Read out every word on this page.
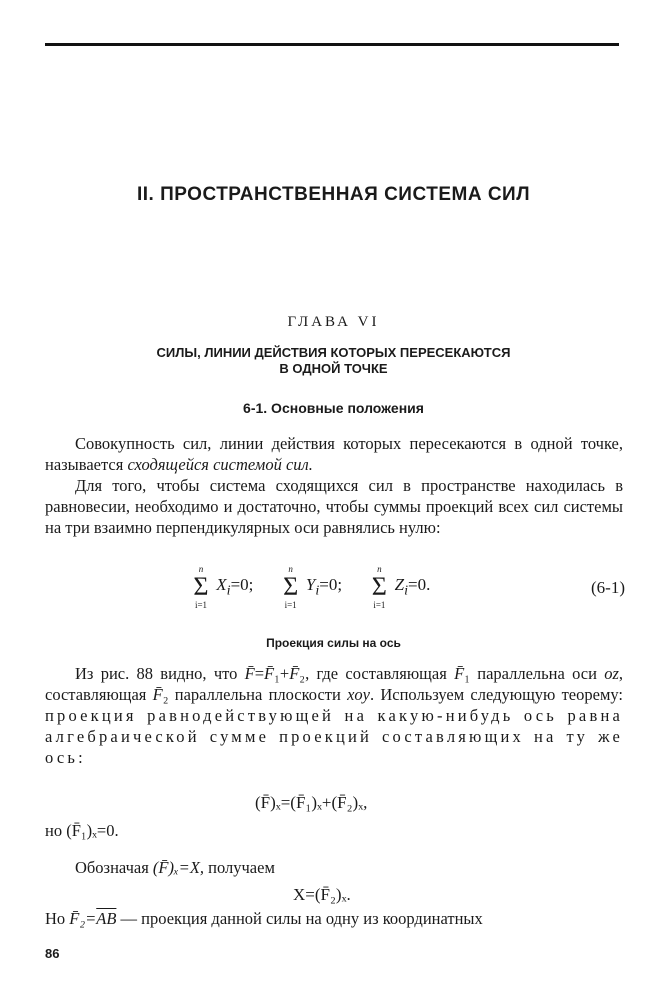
II. ПРОСТРАНСТВЕННАЯ СИСТЕМА СИЛ
ГЛАВА VI
СИЛЫ, ЛИНИИ ДЕЙСТВИЯ КОТОРЫХ ПЕРЕСЕКАЮТСЯ
В ОДНОЙ ТОЧКЕ
6-1. Основные положения

Совокупность сил, линии действия которых пересекаются в одной точке, называется сходящейся системой сил.

Для того, чтобы система сходящихся сил в пространстве находилась в равновесии, необходимо и достаточно, чтобы суммы проекций всех сил системы на три взаимно перпендикулярных оси равнялись нулю:

n
Σ
i=1
$X_i=0$;
n
Σ
i=1
$Y_i=0$;
n
Σ
i=1
$Z_i=0$.	(6-1)
Проекция силы на ось

Из рис. 88 видно, что F̄=F̄₁+F̄₂, где составляющая F̄₁ параллельна оси oz, составляющая F̄₂ параллельна плоскости xoy. Используем следующую теорему: проекция равнодействующей на какую-нибудь ось равна алгебраической сумме проекций составляющих на ту же ось:

(F̄)ₓ=(F̄₁)ₓ+(F̄₂)ₓ,
но (F̄₁)ₓ=0.
Обозначая (F̄)ₓ=X, получаем
X=(F̄₂)ₓ.
Но $F̄_2=\overline{AB}$ — проекция данной силы на одну из координатных
86
